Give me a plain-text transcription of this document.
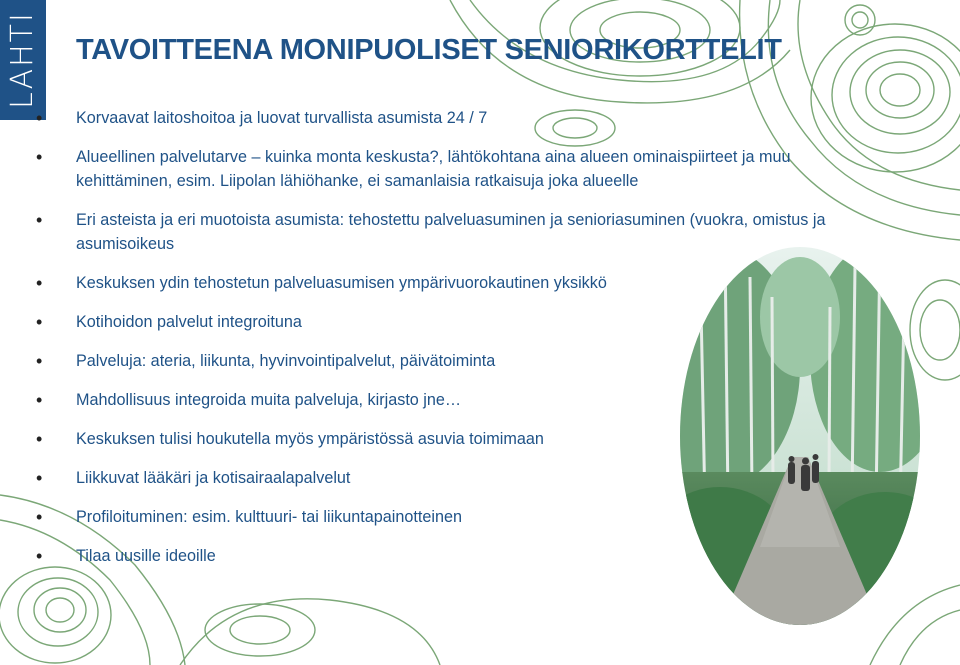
LAHTI TAVOITTEENA MONIPUOLISET SENIORIKORTTELIT
• Korvaavat laitoshoitoa ja luovat turvallista asumista 24 / 7
• Alueellinen palvelutarve – kuinka monta keskusta?, lähtökohtana aina alueen ominaispiirteet ja muu kehittäminen, esim. Liipolan lähiöhanke, ei samanlaisia ratkaisuja joka alueelle
• Eri asteista ja eri muotoista asumista: tehostettu palveluasuminen ja senioriasuminen (vuokra, omistus ja asumisoikeus
• Keskuksen ydin tehostetun palveluasumisen ympärivuorokautinen yksikkö
• Kotihoidon palvelut integroituna
• Palveluja: ateria, liikunta, hyvinvointipalvelut, päivätoiminta
• Mahdollisuus integroida muita palveluja, kirjasto jne…
• Keskuksen tulisi houkutella myös ympäristössä asuvia toimimaan
• Liikkuvat lääkäri ja kotisairaalapalvelut
• Profiloituminen: esim. kulttuuri- tai liikuntapainotteinen
• Tilaa uusille ideoille
